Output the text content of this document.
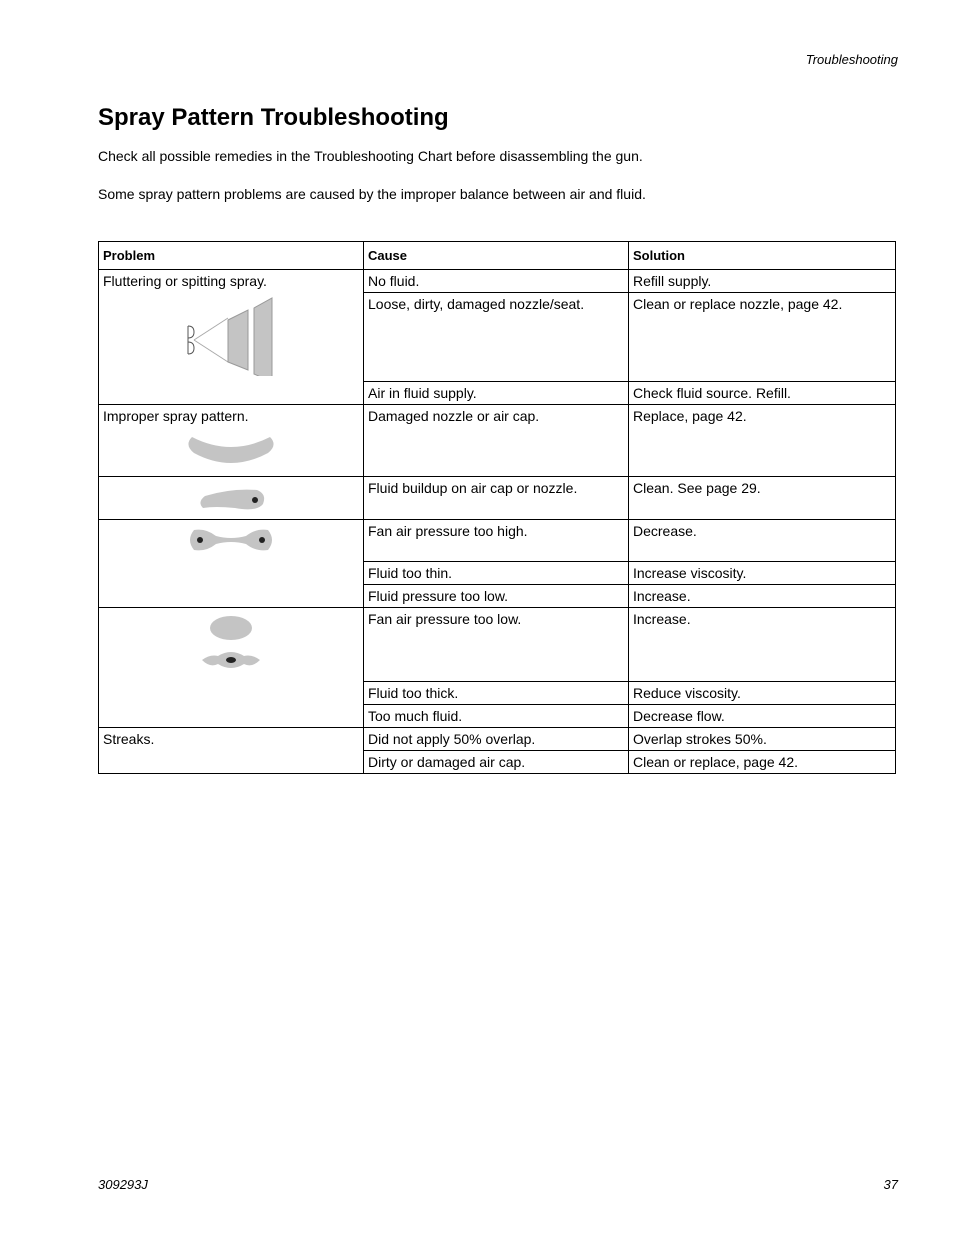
Troubleshooting
Spray Pattern Troubleshooting

Check all possible remedies in the Troubleshooting Chart before disassembling the gun.

Some spray pattern problems are caused by the improper balance between air and fluid.

Problem	Cause	Solution
Fluttering or spitting spray.	No fluid.	Refill supply.
	Loose, dirty, damaged nozzle/seat.	Clean or replace nozzle, page 42.
	Air in fluid supply.	Check fluid source. Refill.
Improper spray pattern.	Damaged nozzle or air cap.	Replace, page 42.

	Fluid buildup on air cap or nozzle.	Clean. See page 29.

	Fan air pressure too high.	Decrease.
	Fluid too thin.	Increase viscosity.
	Fluid pressure too low.	Increase.

	Fan air pressure too low.	Increase.
	Fluid too thick.	Reduce viscosity.
	Too much fluid.	Decrease flow.
Streaks.	Did not apply 50% overlap.	Overlap strokes 50%.
	Dirty or damaged air cap.	Clean or replace, page 42.
309293J	37
